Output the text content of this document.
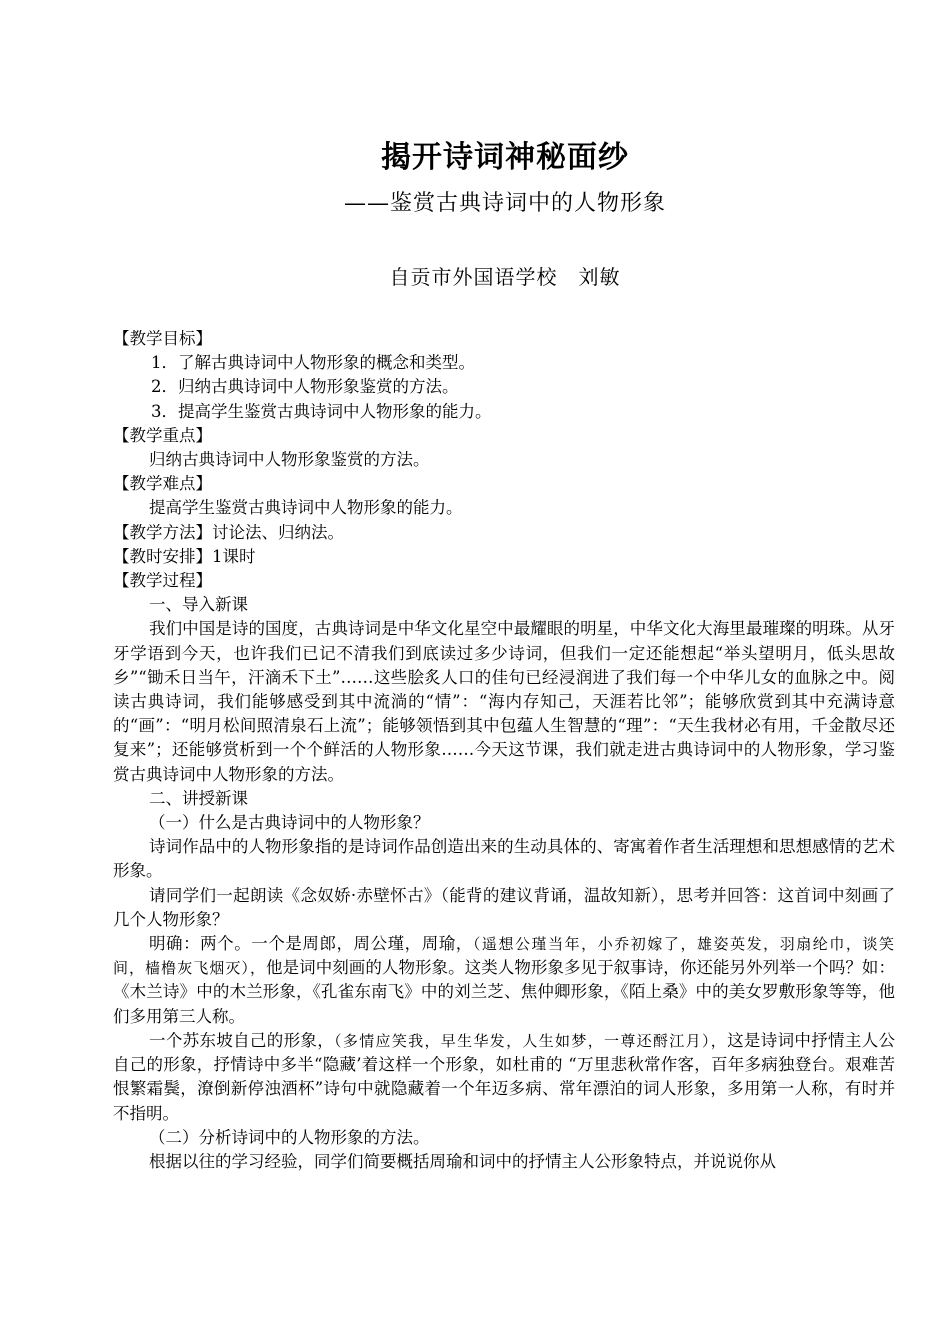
揭开诗词神秘面纱
——鉴赏古典诗词中的人物形象
自贡市外国语学校　刘敏

【教学目标】

1．了解古典诗词中人物形象的概念和类型。

2．归纳古典诗词中人物形象鉴赏的方法。

3．提高学生鉴赏古典诗词中人物形象的能力。

【教学重点】

归纳古典诗词中人物形象鉴赏的方法。

【教学难点】

提高学生鉴赏古典诗词中人物形象的能力。

【教学方法】讨论法、归纳法。

【教时安排】1课时

【教学过程】

一、导入新课

我们中国是诗的国度，古典诗词是中华文化星空中最耀眼的明星，中华文化大海里最璀璨的明珠。从牙牙学语到今天，也许我们已记不清我们到底读过多少诗词，但我们一定还能想起“举头望明月，低头思故乡”“锄禾日当午，汗滴禾下土”……这些脍炙人口的佳句已经浸润进了我们每一个中华儿女的血脉之中。阅读古典诗词，我们能够感受到其中流淌的“情”：“海内存知己，天涯若比邻”；能够欣赏到其中充满诗意的“画”：“明月松间照清泉石上流”；能够领悟到其中包蕴人生智慧的“理”：“天生我材必有用，千金散尽还复来”；还能够赏析到一个个鲜活的人物形象……今天这节课，我们就走进古典诗词中的人物形象，学习鉴赏古典诗词中人物形象的方法。

二、讲授新课

（一）什么是古典诗词中的人物形象？

诗词作品中的人物形象指的是诗词作品创造出来的生动具体的、寄寓着作者生活理想和思想感情的艺术形象。

请同学们一起朗读《念奴娇·赤壁怀古》（能背的建议背诵，温故知新），思考并回答：这首词中刻画了几个人物形象？

明确：两个。一个是周郎，周公瑾，周瑜，（遥想公瑾当年，小乔初嫁了，雄姿英发，羽扇纶巾，谈笑间，樯橹灰飞烟灭），他是词中刻画的人物形象。这类人物形象多见于叙事诗，你还能另外列举一个吗？如：《木兰诗》中的木兰形象，《孔雀东南飞》中的刘兰芝、焦仲卿形象，《陌上桑》中的美女罗敷形象等等，他们多用第三人称。

一个苏东坡自己的形象，（多情应笑我，早生华发，人生如梦，一尊还酹江月），这是诗词中抒情主人公自己的形象，抒情诗中多半“隐藏’着这样一个形象，如杜甫的 “万里悲秋常作客，百年多病独登台。艰难苦恨繁霜鬓，潦倒新停浊酒杯”诗句中就隐藏着一个年迈多病、常年漂泊的词人形象，多用第一人称，有时并不指明。

（二）分析诗词中的人物形象的方法。

根据以往的学习经验，同学们简要概括周瑜和词中的抒情主人公形象特点，并说说你从
